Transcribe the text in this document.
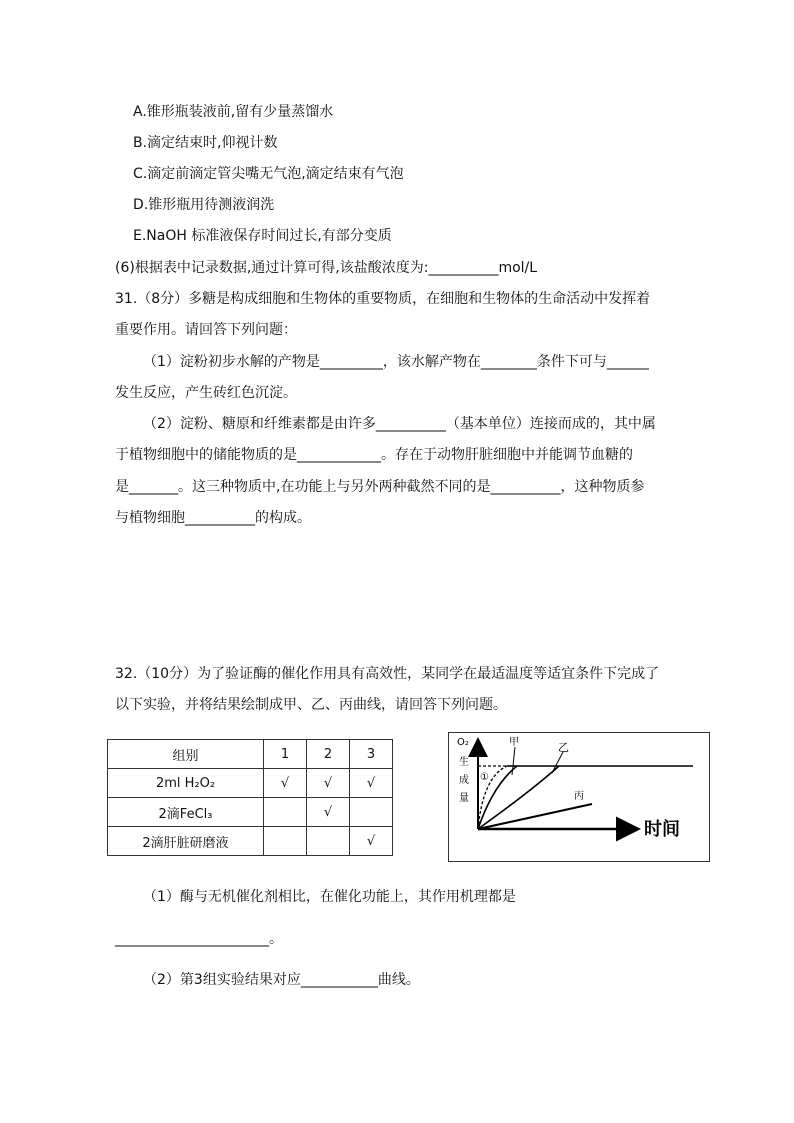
A.锥形瓶装液前,留有少量蒸馏水
B.滴定结束时,仰视计数
C.滴定前滴定管尖嘴无气泡,滴定结束有气泡
D.锥形瓶用待测液润洗
E.NaOH 标准液保存时间过长,有部分变质
(6)根据表中记录数据,通过计算可得,该盐酸浓度为:__________mol/L
31.（8分）多糖是构成细胞和生物体的重要物质，在细胞和生物体的生命活动中发挥着
重要作用。请回答下列问题：
（1）淀粉初步水解的产物是_________，该水解产物在________条件下可与______
发生反应，产生砖红色沉淀。
（2）淀粉、糖原和纤维素都是由许多__________（基本单位）连接而成的，其中属
于植物细胞中的储能物质的是____________。存在于动物肝脏细胞中并能调节血糖的
是_______。这三种物质中,在功能上与另外两种截然不同的是__________，这种物质参
与植物细胞__________的构成。
32.（10分）为了验证酶的催化作用具有高效性，某同学在最适温度等适宜条件下完成了
以下实验，并将结果绘制成甲、乙、丙曲线，请回答下列问题。
组别	1	2	3
2ml H₂O₂	√	√	√
2滴FeCl₃		√	
2滴肝脏研磨液			√
O₂
生
成
量
甲	乙
丙
①
时间
（1）酶与无机催化剂相比，在催化功能上，其作用机理都是
______________________。
（2）第3组实验结果对应___________曲线。
